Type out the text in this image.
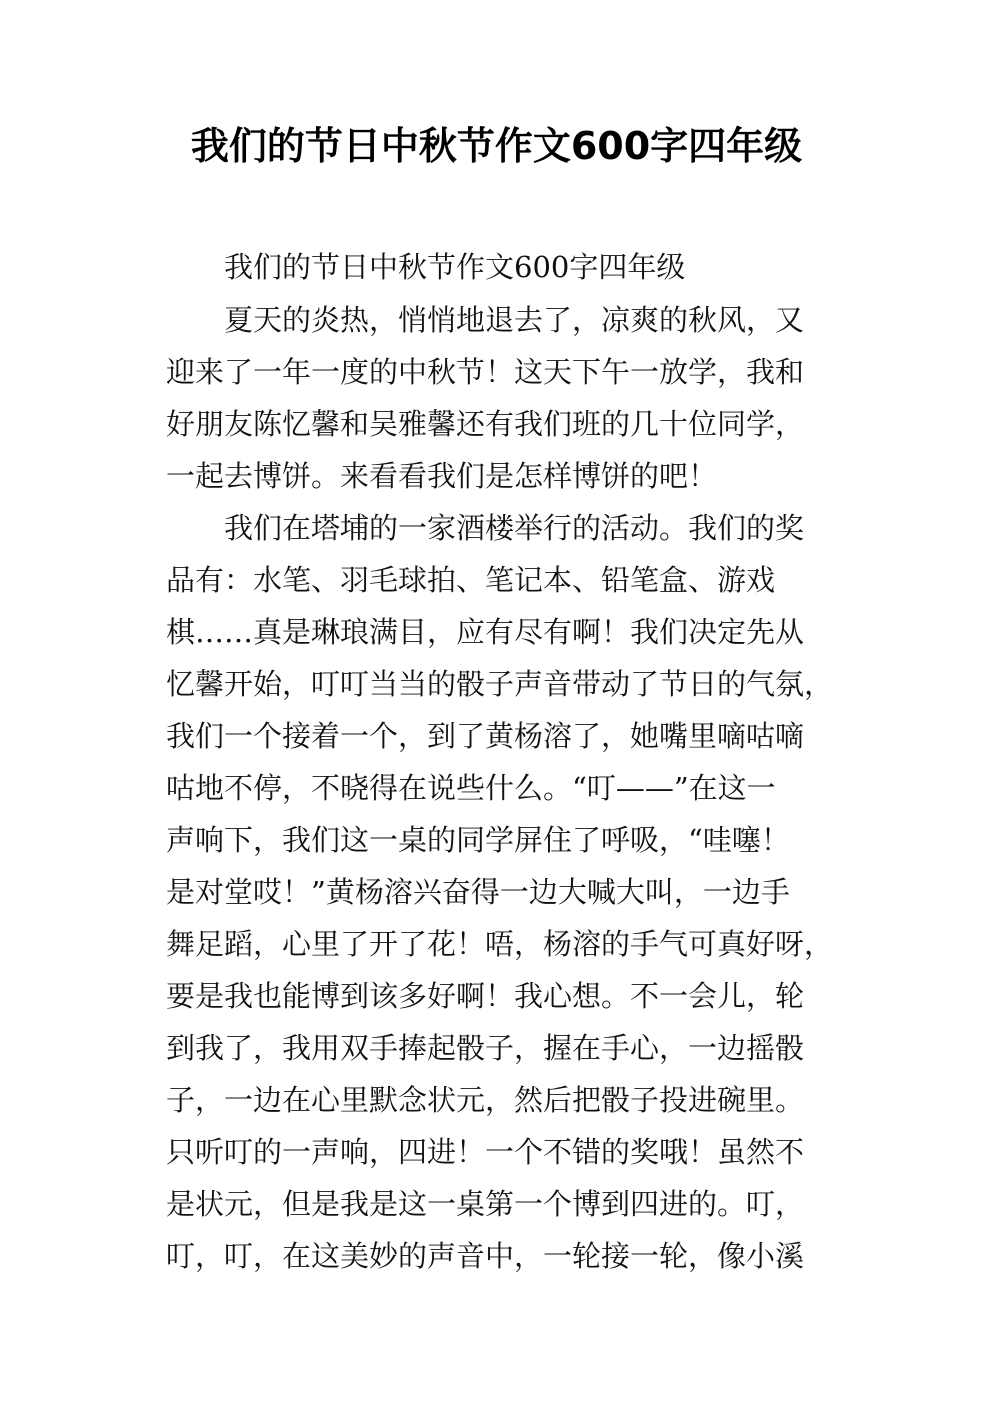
我们的节日中秋节作文600字四年级
我们的节日中秋节作文600字四年级
夏天的炎热，悄悄地退去了，凉爽的秋风，又
迎来了一年一度的中秋节！这天下午一放学，我和
好朋友陈忆馨和吴雅馨还有我们班的几十位同学，
一起去博饼。来看看我们是怎样博饼的吧！
我们在塔埔的一家酒楼举行的活动。我们的奖
品有：水笔、羽毛球拍、笔记本、铅笔盒、游戏
棋……真是琳琅满目，应有尽有啊！我们决定先从
忆馨开始，叮叮当当的骰子声音带动了节日的气氛，
我们一个接着一个，到了黄杨溶了，她嘴里嘀咕嘀
咕地不停，不晓得在说些什么。“叮——”在这一
声响下，我们这一桌的同学屏住了呼吸，“哇噻！
是对堂哎！”黄杨溶兴奋得一边大喊大叫，一边手
舞足蹈，心里了开了花！唔，杨溶的手气可真好呀，
要是我也能博到该多好啊！我心想。不一会儿，轮
到我了，我用双手捧起骰子，握在手心，一边摇骰
子，一边在心里默念状元，然后把骰子投进碗里。
只听叮的一声响，四进！一个不错的奖哦！虽然不
是状元，但是我是这一桌第一个博到四进的。叮，
叮，叮，在这美妙的声音中，一轮接一轮，像小溪
